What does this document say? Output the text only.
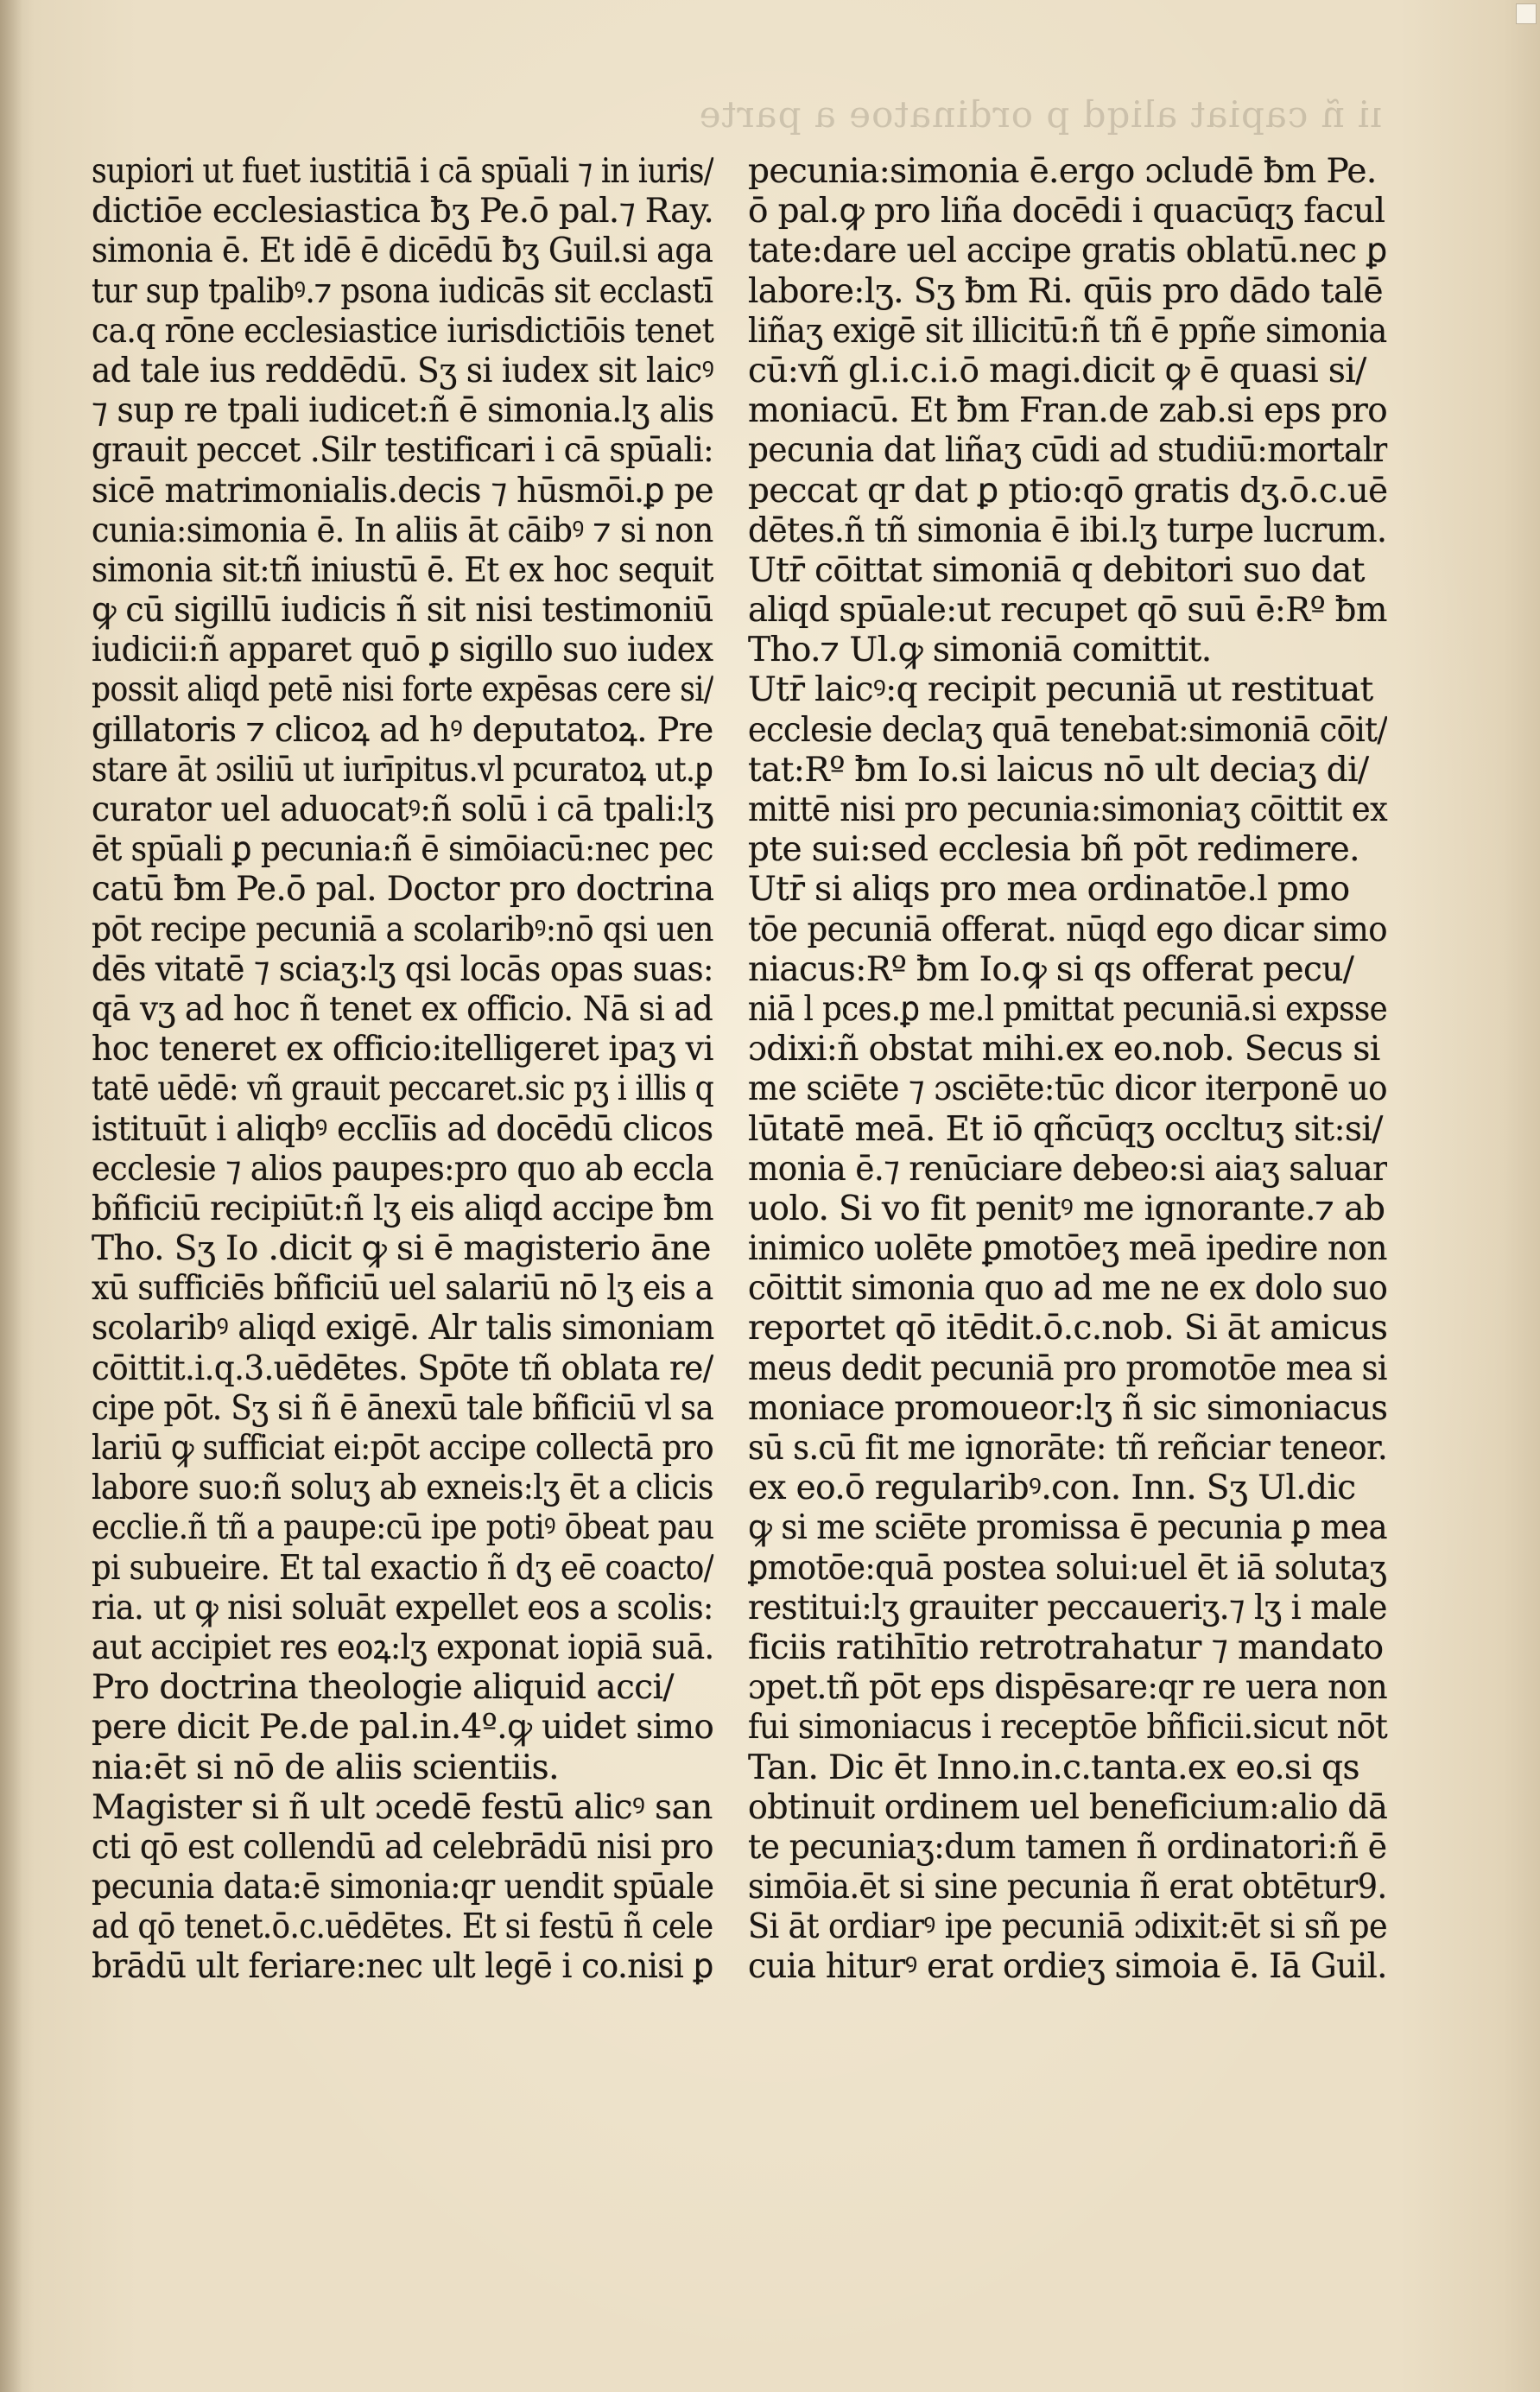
ıi ñ capiat aliqd p ordinatoe a parte
supiori ut fuet iustitiā i cā spūali ⁊ in iuris/
dictiōe ecclesiastica ƀʒ Pe.ō pal.⁊ Ray.
simonia ē. Et idē ē dicēdū ƀʒ Guil.si aga
tur sup tpalibꝰ.⁊ psona iudicās sit ecclastī
ca.q rōne ecclesiastice iurisdictiōis tenet
ad tale ius reddēdū. Sʒ si iudex sit laicꝰ
⁊ sup re tpali iudicet:ñ ē simonia.lʒ alis
grauit peccet .Silr testificari i cā spūali:
sicē matrimonialis.decis ⁊ hūsmōi.ꝑ pe
cunia:simonia ē. In aliis āt cāibꝰ ⁊ si non
simonia sit:tñ iniustū ē. Et ex hoc sequit
ꝙ cū sigillū iudicis ñ sit nisi testimoniū
iudicii:ñ apparet quō ꝑ sigillo suo iudex
possit aliqd petē nisi forte expēsas cere si/
gillatoris ⁊ clicoꝝ ad hꝰ deputatoꝝ. Pre
stare āt ɔsiliū ut iurīpitus.vl pcuratoꝝ ut.ꝑ
curator uel aduocatꝰ:ñ solū i cā tpali:lʒ
ēt spūali ꝑ pecunia:ñ ē simōiacū:nec pec
catū ƀm Pe.ō pal. Doctor pro doctrina
pōt recipe pecuniā a scolaribꝰ:nō qsi uen
dēs vitatē ⁊ sciaʒ:lʒ qsi locās opas suas:
qā vʒ ad hoc ñ tenet ex officio. Nā si ad
hoc teneret ex officio:itelligeret ipaʒ vi
tatē uēdē: vñ grauit peccaret.sic pʒ i illis q
istituūt i aliqbꝰ ecclīis ad docēdū clicos
ecclesie ⁊ alios paupes:pro quo ab eccla
bñficiū recipiūt:ñ lʒ eis aliqd accipe ƀm
Tho. Sʒ Io .dicit ꝙ si ē magisterio āne
xū sufficiēs bñficiū uel salariū nō lʒ eis a
scolaribꝰ aliqd exigē. Alr talis simoniam
cōittit.i.q.3.uēdētes. Spōte tñ oblata re/
cipe pōt. Sʒ si ñ ē ānexū tale bñficiū vl sa
lariū ꝙ sufficiat ei:pōt accipe collectā pro
labore suo:ñ soluʒ ab exneis:lʒ ēt a clicis
ecclie.ñ tñ a paupe:cū ipe potiꝰ ōbeat pau
pi subueire. Et tal exactio ñ dʒ eē coacto/
ria. ut ꝙ nisi soluāt expellet eos a scolis:
aut accipiet res eoꝝ:lʒ exponat iopiā suā.
Pro doctrina theologie aliquid acci/
pere dicit Pe.de pal.in.4º.ꝙ uidet simo
nia:ēt si nō de aliis scientiis.
Magister si ñ ult ɔcedē festū alicꝰ san
cti qō est collendū ad celebrādū nisi pro
pecunia data:ē simonia:qr uendit spūale
ad qō tenet.ō.c.uēdētes. Et si festū ñ cele
brādū ult feriare:nec ult legē i co.nisi ꝑ
pecunia:simonia ē.ergo ɔcludē ƀm Pe.
ō pal.ꝙ pro liña docēdi i quacūqʒ facul
tate:dare uel accipe gratis oblatū.nec ꝑ
labore:lʒ. Sʒ ƀm Ri. qūis pro dādo talē
liñaʒ exigē sit illicitū:ñ tñ ē ppñe simonia
cū:vñ gl.i.c.i.ō magi.dicit ꝙ ē quasi si/
moniacū. Et ƀm Fran.de zab.si eps pro
pecunia dat liñaʒ cūdi ad studiū:mortalr
peccat qr dat ꝑ ptio:qō gratis dʒ.ō.c.uē
dētes.ñ tñ simonia ē ibi.lʒ turpe lucrum.
Utr̄ cōittat simoniā q debitori suo dat
aliqd spūale:ut recupet qō suū ē:Rº ƀm
Tho.⁊ Ul.ꝙ simoniā comittit.
Utr̄ laicꝰ:q recipit pecuniā ut restituat
ecclesie declaʒ quā tenebat:simoniā cōit/
tat:Rº ƀm Io.si laicus nō ult deciaʒ di/
mittē nisi pro pecunia:simoniaʒ cōittit ex
pte sui:sed ecclesia bñ pōt redimere.
Utr̄ si aliqs pro mea ordinatōe.l pmo
tōe pecuniā offerat. nūqd ego dicar simo
niacus:Rº ƀm Io.ꝙ si qs offerat pecu/
niā l pces.ꝑ me.l pmittat pecuniā.si expsse
ɔdixi:ñ obstat mihi.ex eo.nob. Secus si
me sciēte ⁊ ɔsciēte:tūc dicor iterponē uo
lūtatē meā. Et iō qñcūqʒ occltuʒ sit:si/
monia ē.⁊ renūciare debeo:si aiaʒ saluar
uolo. Si vo fit penitꝰ me ignorante.⁊ ab
inimico uolēte ꝑmotōeʒ meā ipedire non
cōittit simonia quo ad me ne ex dolo suo
reportet qō itēdit.ō.c.nob. Si āt amicus
meus dedit pecuniā pro promotōe mea si
moniace promoueor:lʒ ñ sic simoniacus
sū s.cū fit me ignorāte: tñ reñciar teneor.
ex eo.ō regularibꝰ.con. Inn. Sʒ Ul.dic
ꝙ si me sciēte promissa ē pecunia ꝑ mea
ꝑmotōe:quā postea solui:uel ēt iā solutaʒ
restitui:lʒ grauiter peccaueriʒ.⁊ lʒ i male
ficiis ratihītio retrotrahatur ⁊ mandato
ɔpet.tñ pōt eps dispēsare:qr re uera non
fui simoniacus i receptōe bñficii.sicut nōt
Tan. Dic ēt Inno.in.c.tanta.ex eo.si qs
obtinuit ordinem uel beneficium:alio dā
te pecuniaʒ:dum tamen ñ ordinatori:ñ ē
simōia.ēt si sine pecunia ñ erat obtētur9.
Si āt ordiarꝰ ipe pecuniā ɔdixit:ēt si sñ pe
cuia hiturꝰ erat ordieʒ simoia ē. Iā Guil.
